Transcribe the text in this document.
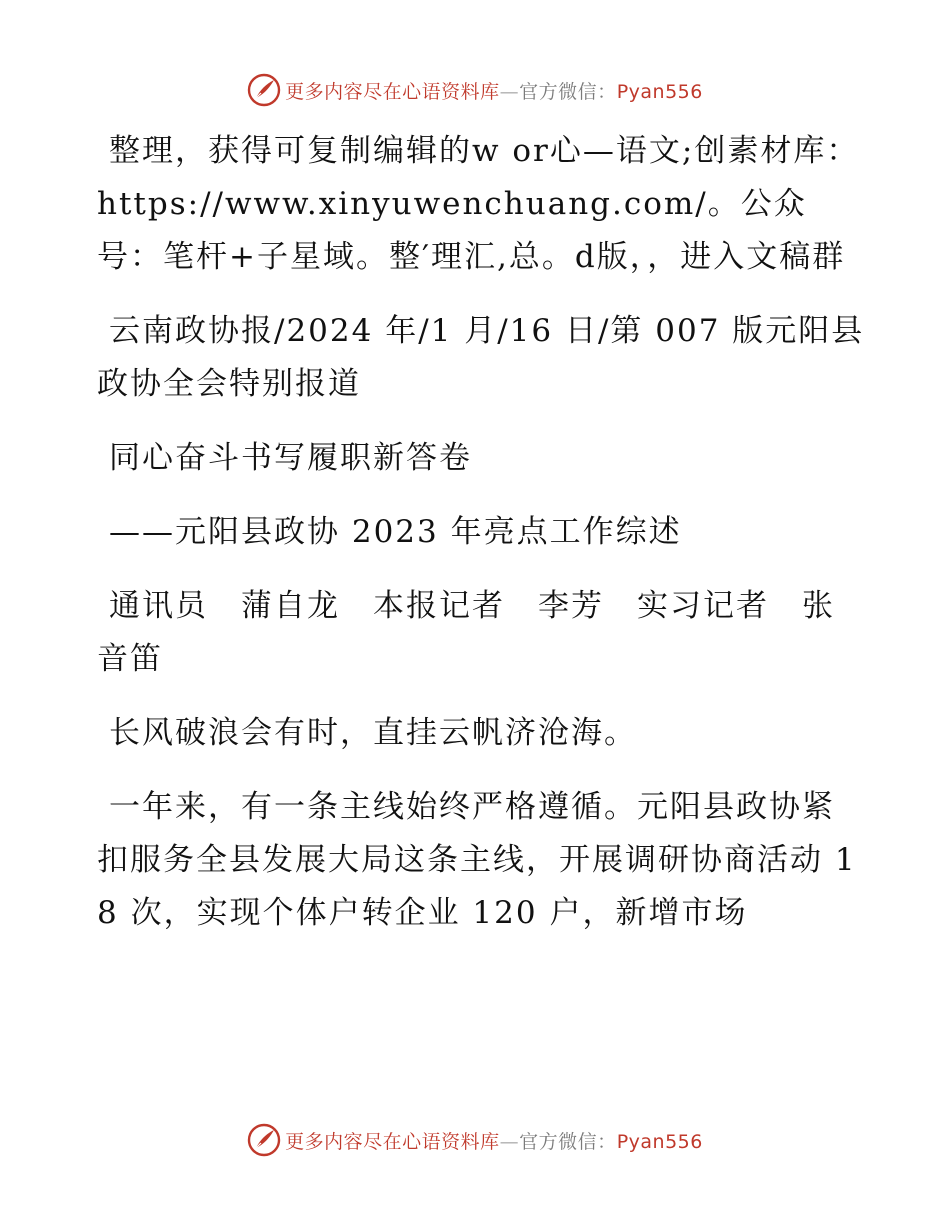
更多内容尽在心语资料库—官方微信：Pyan556

整理，获得可复制编辑的w or心—语文;创素材库：https://www.xinyuwenchuang.com/。公众号：笔杆+子星域。整′理汇,总。d版，，进入文稿群

云南政协报/2024 年/1 月/16 日/第 007 版元阳县政协全会特别报道

同心奋斗书写履职新答卷

——元阳县政协 2023 年亮点工作综述

通讯员　蒲自龙　本报记者　李芳　实习记者　张音笛

长风破浪会有时，直挂云帆济沧海。

一年来，有一条主线始终严格遵循。元阳县政协紧扣服务全县发展大局这条主线，开展调研协商活动 18 次，实现个体户转企业 120 户，新增市场

更多内容尽在心语资料库—官方微信：Pyan556
